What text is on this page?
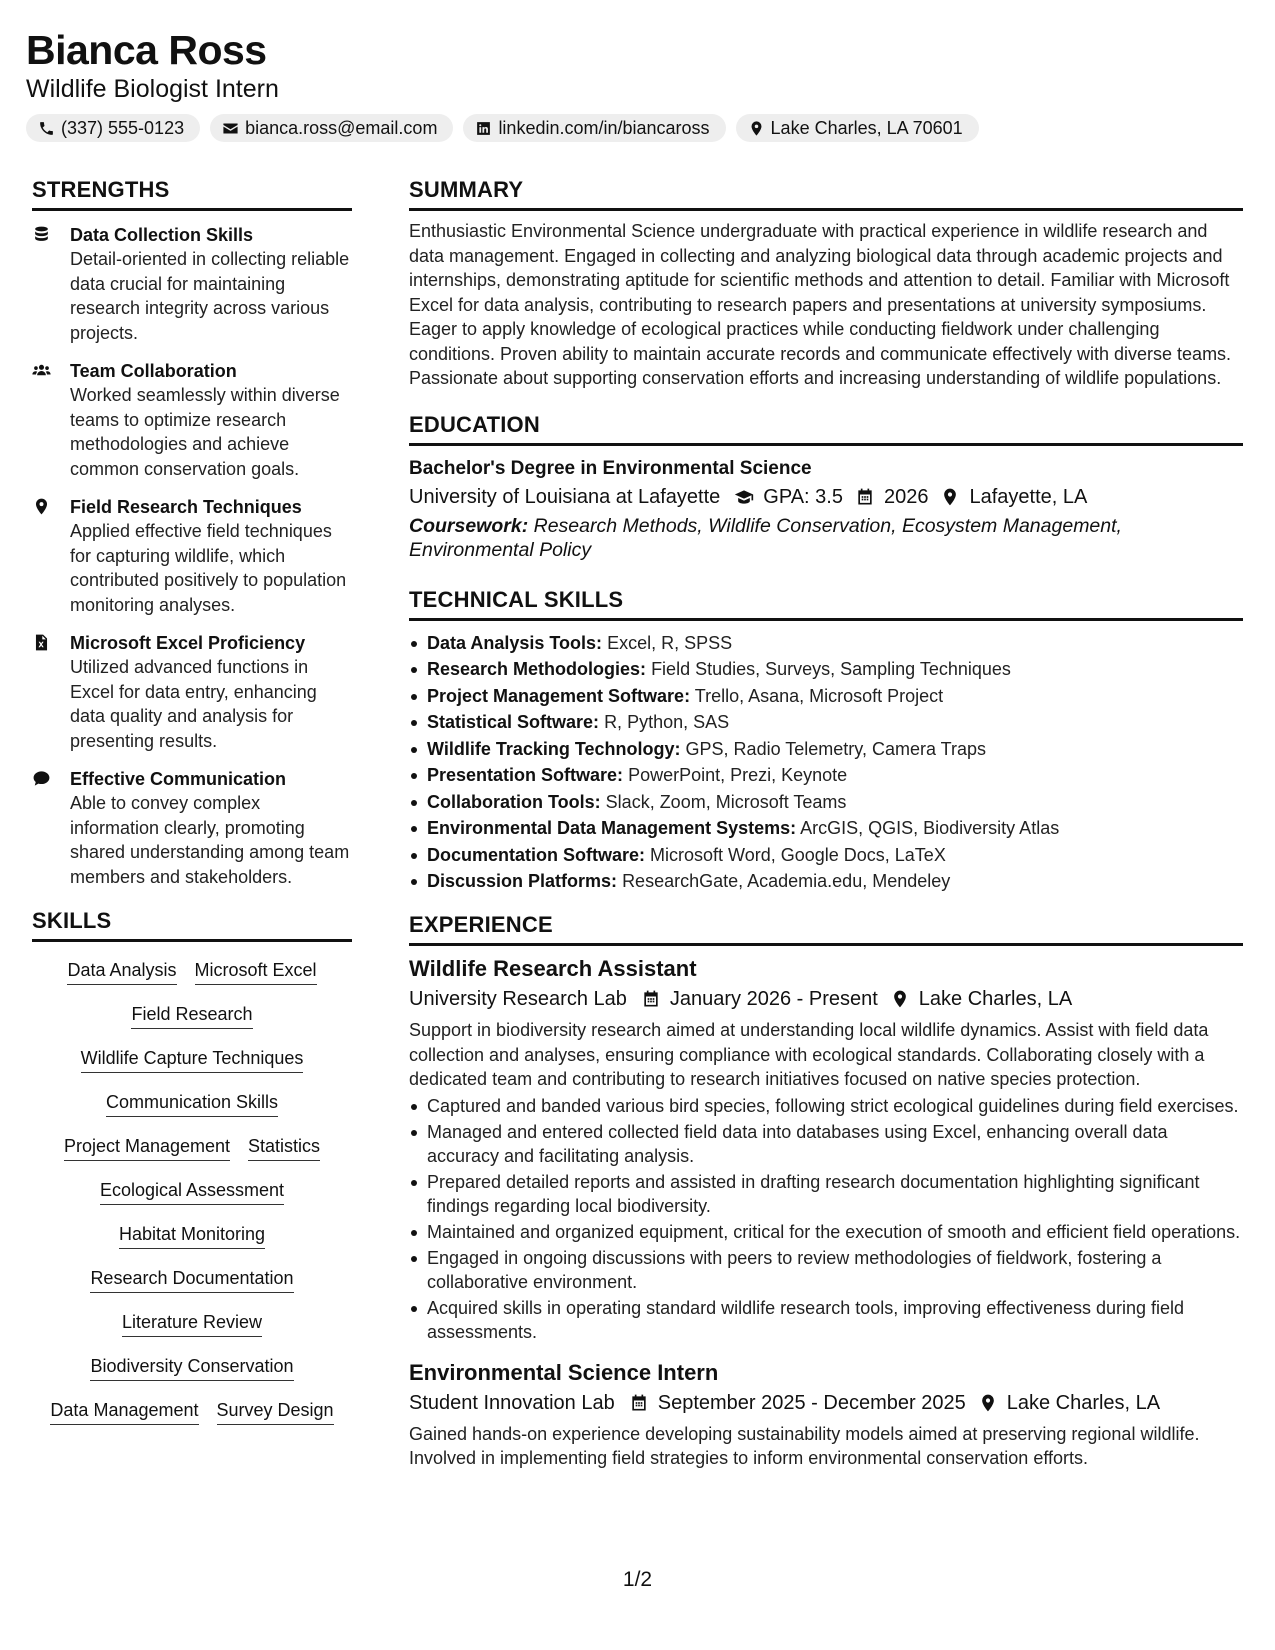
Bianca Ross
Wildlife Biologist Intern
(337) 555-0123	bianca.ross@email.com	linkedin.com/in/biancaross	Lake Charles, LA 70601
STRENGTHS
Data Collection Skills
Detail-oriented in collecting reliable data crucial for maintaining research integrity across various projects.
Team Collaboration
Worked seamlessly within diverse teams to optimize research methodologies and achieve common conservation goals.
Field Research Techniques
Applied effective field techniques for capturing wildlife, which contributed positively to population monitoring analyses.
Microsoft Excel Proficiency
Utilized advanced functions in Excel for data entry, enhancing data quality and analysis for presenting results.
Effective Communication
Able to convey complex information clearly, promoting shared understanding among team members and stakeholders.
SKILLS
Data Analysis Microsoft Excel
Field Research
Wildlife Capture Techniques
Communication Skills
Project Management Statistics
Ecological Assessment
Habitat Monitoring
Research Documentation
Literature Review
Biodiversity Conservation
Data Management Survey Design
SUMMARY
Enthusiastic Environmental Science undergraduate with practical experience in wildlife research and data management. Engaged in collecting and analyzing biological data through academic projects and internships, demonstrating aptitude for scientific methods and attention to detail. Familiar with Microsoft Excel for data analysis, contributing to research papers and presentations at university symposiums. Eager to apply knowledge of ecological practices while conducting fieldwork under challenging conditions. Proven ability to maintain accurate records and communicate effectively with diverse teams. Passionate about supporting conservation efforts and increasing understanding of wildlife populations.
EDUCATION
Bachelor's Degree in Environmental Science
University of Louisiana at Lafayette GPA: 3.5 2026 Lafayette, LA
Coursework: Research Methods, Wildlife Conservation, Ecosystem Management, Environmental Policy
TECHNICAL SKILLS
Data Analysis Tools: Excel, R, SPSS
Research Methodologies: Field Studies, Surveys, Sampling Techniques
Project Management Software: Trello, Asana, Microsoft Project
Statistical Software: R, Python, SAS
Wildlife Tracking Technology: GPS, Radio Telemetry, Camera Traps
Presentation Software: PowerPoint, Prezi, Keynote
Collaboration Tools: Slack, Zoom, Microsoft Teams
Environmental Data Management Systems: ArcGIS, QGIS, Biodiversity Atlas
Documentation Software: Microsoft Word, Google Docs, LaTeX
Discussion Platforms: ResearchGate, Academia.edu, Mendeley
EXPERIENCE
Wildlife Research Assistant
University Research Lab January 2026 - Present Lake Charles, LA
Support in biodiversity research aimed at understanding local wildlife dynamics. Assist with field data collection and analyses, ensuring compliance with ecological standards. Collaborating closely with a dedicated team and contributing to research initiatives focused on native species protection.
Captured and banded various bird species, following strict ecological guidelines during field exercises.
Managed and entered collected field data into databases using Excel, enhancing overall data accuracy and facilitating analysis.
Prepared detailed reports and assisted in drafting research documentation highlighting significant findings regarding local biodiversity.
Maintained and organized equipment, critical for the execution of smooth and efficient field operations.
Engaged in ongoing discussions with peers to review methodologies of fieldwork, fostering a collaborative environment.
Acquired skills in operating standard wildlife research tools, improving effectiveness during field assessments.
Environmental Science Intern
Student Innovation Lab September 2025 - December 2025 Lake Charles, LA
Gained hands-on experience developing sustainability models aimed at preserving regional wildlife. Involved in implementing field strategies to inform environmental conservation efforts.
1/2
